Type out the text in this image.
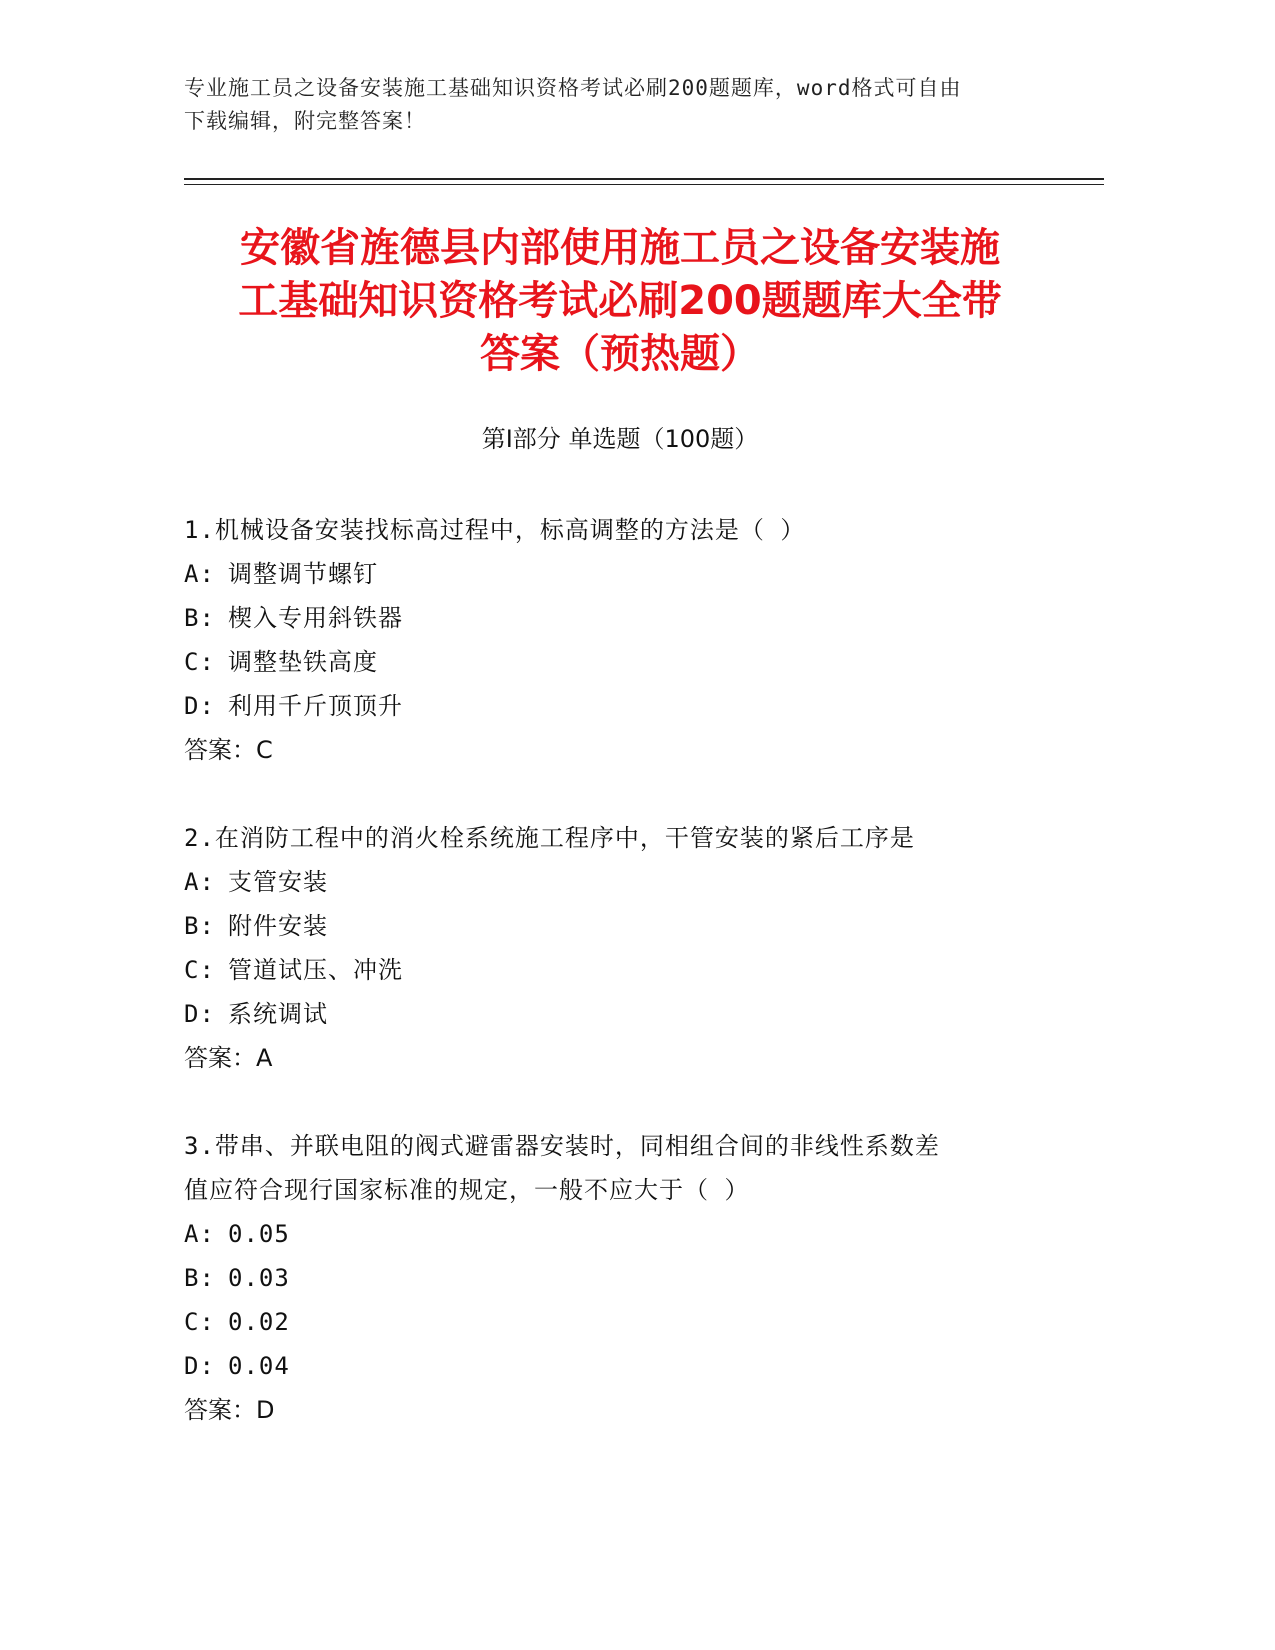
专业施工员之设备安装施工基础知识资格考试必刷200题题库，word格式可自由
下载编辑，附完整答案！
安徽省旌德县内部使用施工员之设备安装施
工基础知识资格考试必刷200题题库大全带
答案（预热题）
第Ⅰ部分 单选题（100题）
1.机械设备安装找标高过程中，标高调整的方法是（ ）
A: 调整调节螺钉
B: 楔入专用斜铁器
C: 调整垫铁高度
D: 利用千斤顶顶升
答案：C
2.在消防工程中的消火栓系统施工程序中，干管安装的紧后工序是
A: 支管安装
B: 附件安装
C: 管道试压、冲洗
D: 系统调试
答案：A
3.带串、并联电阻的阀式避雷器安装时，同相组合间的非线性系数差
值应符合现行国家标准的规定，一般不应大于（ ）
A: 0.05
B: 0.03
C: 0.02
D: 0.04
答案：D
